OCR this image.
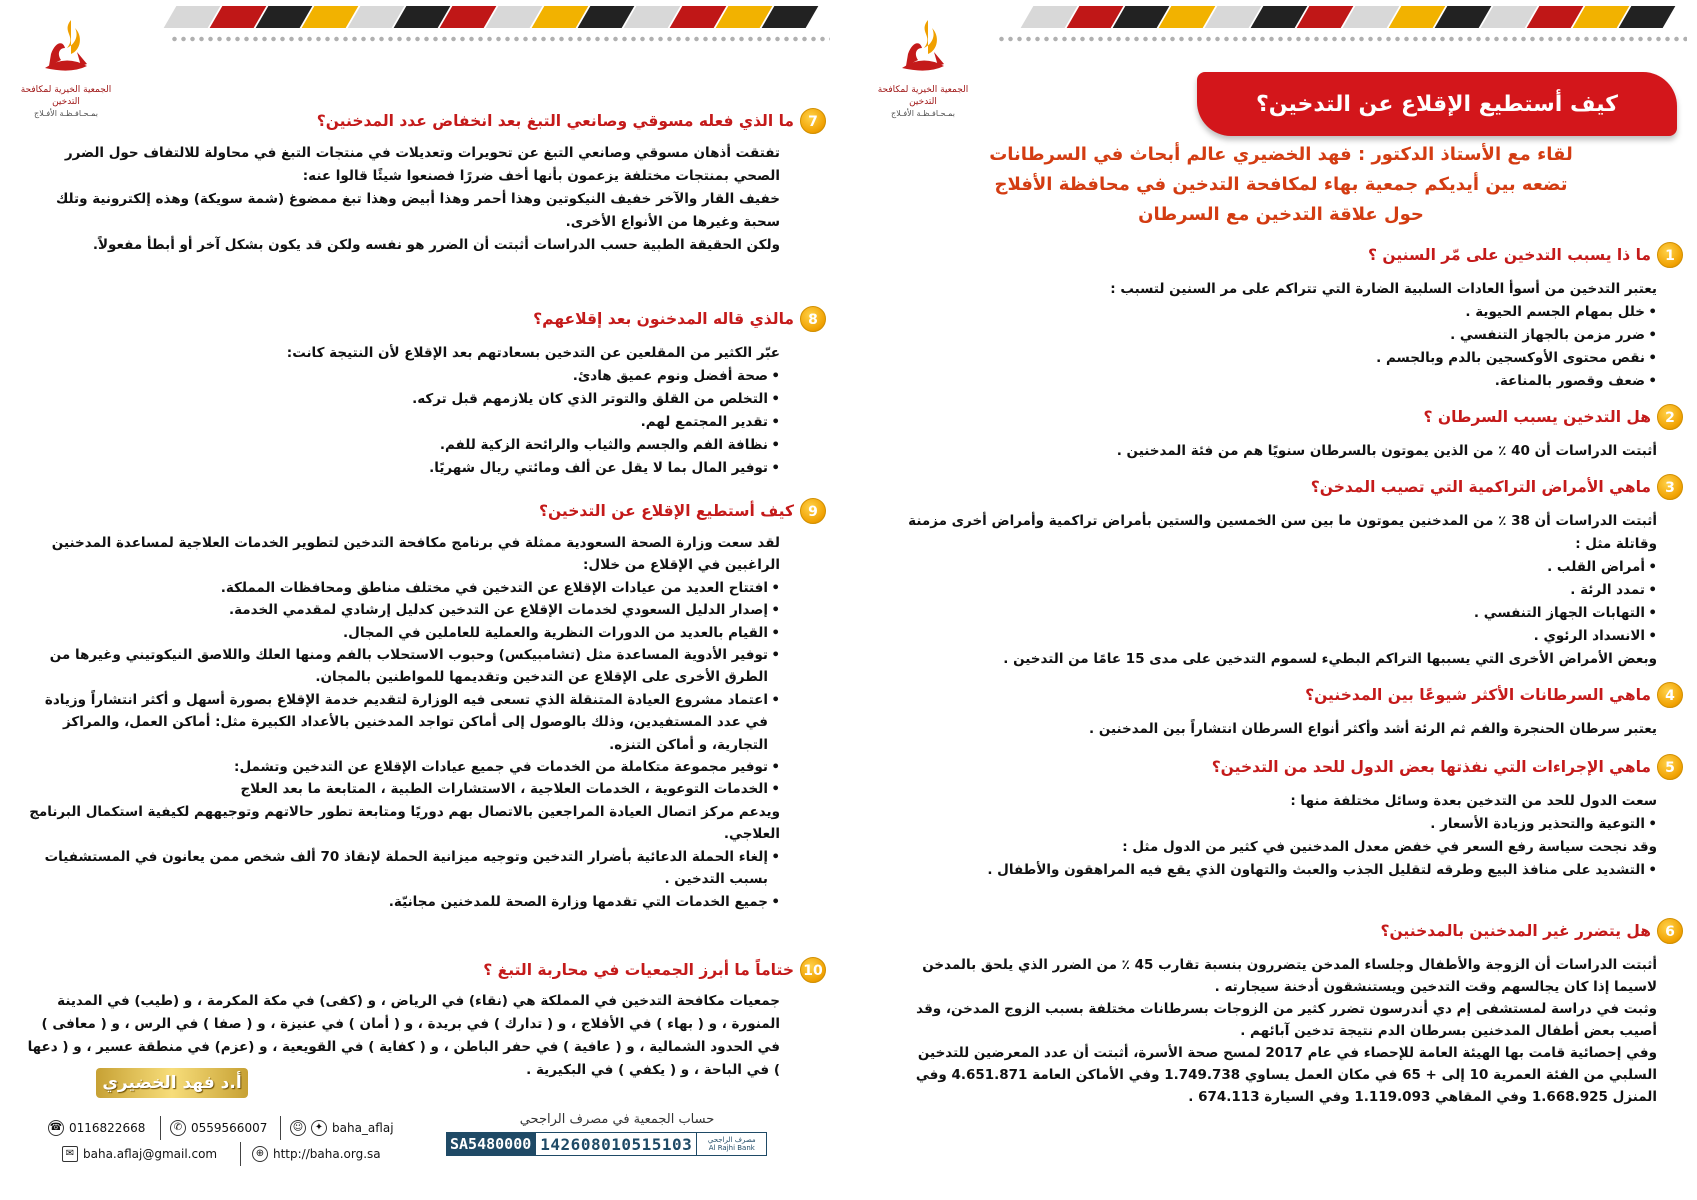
الجمعية الخيرية لمكافحة التدخين
بمـحـافـظـة الأفـلاج
7
ما الذي فعله مسوقي وصانعي التبغ بعد انخفاض عدد المدخنين؟

تفتقت أذهان مسوقي وصانعي التبغ عن تحويرات وتعديلات في منتجات التبغ في محاولة للالتفاف حول الضرر الصحي بمنتجات مختلفة يزعمون بأنها أخف ضررًا فصنعوا شيئًا قالوا عنه:

خفيف القار والآخر خفيف النيكوتين وهذا أحمر وهذا أبيض وهذا تبغ ممضوغ (شمة سويكة) وهذه إلكترونية وتلك سحبة وغيرها من الأنواع الأخرى.

ولكن الحقيقة الطبية حسب الدراسات أثبتت أن الضرر هو نفسه ولكن قد يكون بشكل آخر أو أبطأ مفعولاً.

8
مالذي قاله المدخنون بعد إقلاعهم؟

عبّر الكثير من المقلعين عن التدخين بسعادتهم بعد الإقلاع لأن النتيجة كانت:

• صحة أفضل ونوم عميق هادئ.
• التخلص من القلق والتوتر الذي كان يلازمهم قبل تركه.
• تقدير المجتمع لهم.
• نظافة الفم والجسم والثياب والرائحة الزكية للفم.
• توفير المال بما لا يقل عن ألف ومائتي ريال شهريًا.
9
كيف أستطيع الإقلاع عن التدخين؟

لقد سعت وزارة الصحة السعودية ممثلة في برنامج مكافحة التدخين لتطوير الخدمات العلاجية لمساعدة المدخنين الراغبين في الإقلاع من خلال:

• افتتاح العديد من عيادات الإقلاع عن التدخين في مختلف مناطق ومحافظات المملكة.
• إصدار الدليل السعودي لخدمات الإقلاع عن التدخين كدليل إرشادي لمقدمي الخدمة.
• القيام بالعديد من الدورات النظرية والعملية للعاملين في المجال.
• توفير الأدوية المساعدة مثل (تشامبيكس) وحبوب الاستحلاب بالفم ومنها العلك واللاصق النيكوتيني وغيرها من الطرق الأخرى على الإقلاع عن التدخين وتقديمها للمواطنين بالمجان.
• اعتماد مشروع العيادة المتنقلة الذي تسعى فيه الوزارة لتقديم خدمة الإقلاع بصورة أسهل و أكثر انتشاراً وزيادة في عدد المستفيدين، وذلك بالوصول إلى أماكن تواجد المدخنين بالأعداد الكبيرة مثل: أماكن العمل، والمراكز التجارية، و أماكن التنزه.
• توفير مجموعة متكاملة من الخدمات في جميع عيادات الإقلاع عن التدخين وتشمل:
• الخدمات التوعوية ، الخدمات العلاجية ، الاستشارات الطبية ، المتابعة ما بعد العلاج

ويدعم مركز اتصال العيادة المراجعين بالاتصال بهم دوريًا ومتابعة تطور حالاتهم وتوجيههم لكيفية استكمال البرنامج العلاجي.

• إلغاء الحملة الدعائية بأضرار التدخين وتوجيه ميزانية الحملة لإنقاذ 70 ألف شخص ممن يعانون في المستشفيات بسبب التدخين .
• جميع الخدمات التي تقدمها وزارة الصحة للمدخنين مجانيّة.
10
ختاماً ما أبرز الجمعيات في محاربة التبغ ؟

جمعيات مكافحة التدخين في المملكة هي (نقاء) في الرياض ، و (كفى) في مكة المكرمة ، و (طيب) في المدينة المنورة ، و ( بهاء ) في الأفلاج ، و ( تدارك ) في بريدة ، و ( أمان ) في عنيزة ، و ( صفا ) في الرس ، و ( معافى ) في الحدود الشمالية ، و ( عافية ) في حفر الباطن ، و ( كفاية ) في القويعية ، و (عزم) في منطقة عسير ، و ( دعها ) في الباحة ، و ( يكفي ) في البكيرية .

أ.د فهد الخضيري
☎ 0116822668	✆ 0559566007	☺	✦ baha_aflaj
✉ baha.aflaj@gmail.com	⊕ http://baha.org.sa
حساب الجمعية في مصرف الراجحي
SA5480000 142608010515103	مصرف الراجحي
Al Rajhi Bank
الجمعية الخيرية لمكافحة التدخين
بمـحـافـظـة الأفـلاج	كيف أستطيع الإقلاع عن التدخين؟
لقاء مع الأستاذ الدكتور : فهد الخضيري عالم أبحاث في السرطانات
تضعه بين أيديكم جمعية بهاء لمكافحة التدخين في محافظة الأفلاج
حول علاقة التدخين مع السرطان
1
ما ذا يسبب التدخين على مّر السنين ؟

يعتبر التدخين من أسوأ العادات السلبية الضارة التي تتراكم على مر السنين لتسبب :

• خلل بمهام الجسم الحيوية .
• ضرر مزمن بالجهاز التنفسي .
• نقص محتوى الأوكسجين بالدم وبالجسم .
• ضعف وقصور بالمناعة.
2
هل التدخين يسبب السرطان ؟

أثبتت الدراسات أن 40 ٪ من الذين يموتون بالسرطان سنويًا هم من فئة المدخنين .

3
ماهي الأمراض التراكمية التي تصيب المدخن؟

أثبتت الدراسات أن 38 ٪ من المدخنين يموتون ما بين سن الخمسين والستين بأمراض تراكمية وأمراض أخرى مزمنة وقاتلة مثل :

• أمراض القلب .
• تمدد الرئة .
• التهابات الجهاز التنفسي .
• الانسداد الرئوي .

وبعض الأمراض الأخرى التي يسببها التراكم البطيء لسموم التدخين على مدى 15 عامًا من التدخين .

4
ماهي السرطانات الأكثر شيوعًا بين المدخنين؟

يعتبر سرطان الحنجرة والفم ثم الرئة أشد وأكثر أنواع السرطان انتشاراً بين المدخنين .

5
ماهي الإجراءات التي نفذتها بعض الدول للحد من التدخين؟

سعت الدول للحد من التدخين بعدة وسائل مختلفة منها :

• التوعية والتحذير وزيادة الأسعار .

وقد نجحت سياسة رفع السعر في خفض معدل المدخنين في كثير من الدول مثل :

• التشديد على منافذ البيع وطرقه لتقليل الجذب والعبث والتهاون الذي يقع فيه المراهقون والأطفال .
6
هل يتضرر غير المدخنين بالمدخنين؟

أثبتت الدراسات أن الزوجة والأطفال وجلساء المدخن يتضررون بنسبة تقارب 45 ٪ من الضرر الذي يلحق بالمدخن لاسيما إذا كان يجالسهم وقت التدخين ويستنشقون أدخنة سيجارته .

وثبت في دراسة لمستشفى إم دي أندرسون تضرر كثير من الزوجات بسرطانات مختلفة بسبب الزوج المدخن، وقد أصيب بعض أطفال المدخنين بسرطان الدم نتيجة تدخين آبائهم .

وفي إحصائية قامت بها الهيئة العامة للإحصاء في عام 2017 لمسح صحة الأسرة، أثبتت أن عدد المعرضين للتدخين السلبي من الفئة العمرية 10 إلى + 65 في مكان العمل يساوي 1.749.738 وفي الأماكن العامة 4.651.871 وفي المنزل 1.668.925 وفي المقاهي 1.119.093 وفي السيارة 674.113 .
